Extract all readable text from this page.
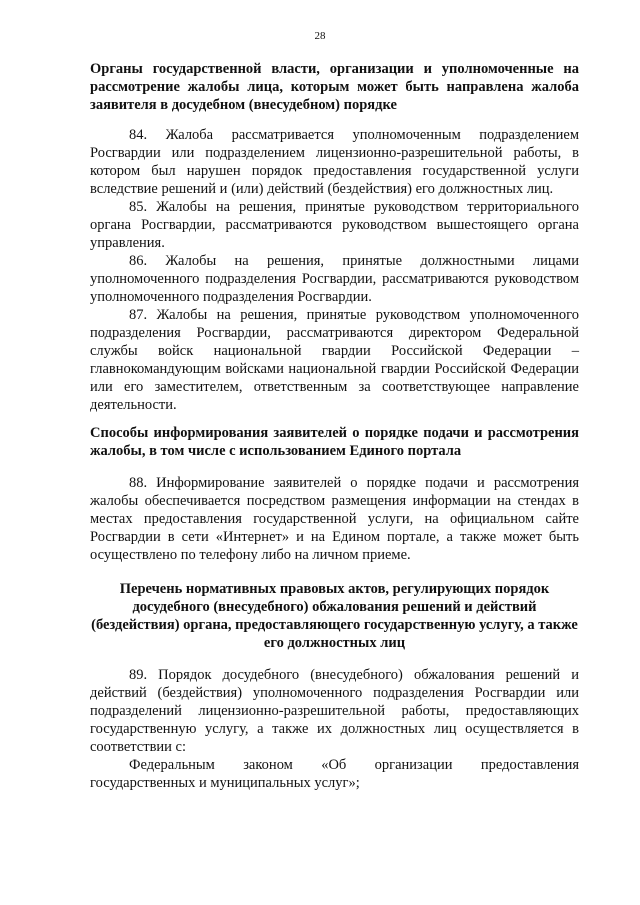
28

Органы государственной власти, организации и уполномоченные на рассмотрение жалобы лица, которым может быть направлена жалоба заявителя в досудебном (внесудебном) порядке

84. Жалоба рассматривается уполномоченным подразделением Росгвардии или подразделением лицензионно-разрешительной работы, в котором был нарушен порядок предоставления государственной услуги вследствие решений и (или) действий (бездействия) его должностных лиц.

85. Жалобы на решения, принятые руководством территориального органа Росгвардии, рассматриваются руководством вышестоящего органа управления.

86. Жалобы на решения, принятые должностными лицами уполномоченного подразделения Росгвардии, рассматриваются руководством уполномоченного подразделения Росгвардии.

87. Жалобы на решения, принятые руководством уполномоченного подразделения Росгвардии, рассматриваются директором Федеральной службы войск национальной гвардии Российской Федерации – главнокомандующим войсками национальной гвардии Российской Федерации или его заместителем, ответственным за соответствующее направление деятельности.

Способы информирования заявителей о порядке подачи и рассмотрения жалобы, в том числе с использованием Единого портала

88. Информирование заявителей о порядке подачи и рассмотрения жалобы обеспечивается посредством размещения информации на стендах в местах предоставления государственной услуги, на официальном сайте Росгвардии в сети «Интернет» и на Едином портале, а также может быть осуществлено по телефону либо на личном приеме.

Перечень нормативных правовых актов, регулирующих порядок досудебного (внесудебного) обжалования решений и действий (бездействия) органа, предоставляющего государственную услугу, а также его должностных лиц

89. Порядок досудебного (внесудебного) обжалования решений и действий (бездействия) уполномоченного подразделения Росгвардии или подразделений лицензионно-разрешительной работы, предоставляющих государственную услугу, а также их должностных лиц осуществляется в соответствии с:

Федеральным законом «Об организации предоставления государственных и муниципальных услуг»;
